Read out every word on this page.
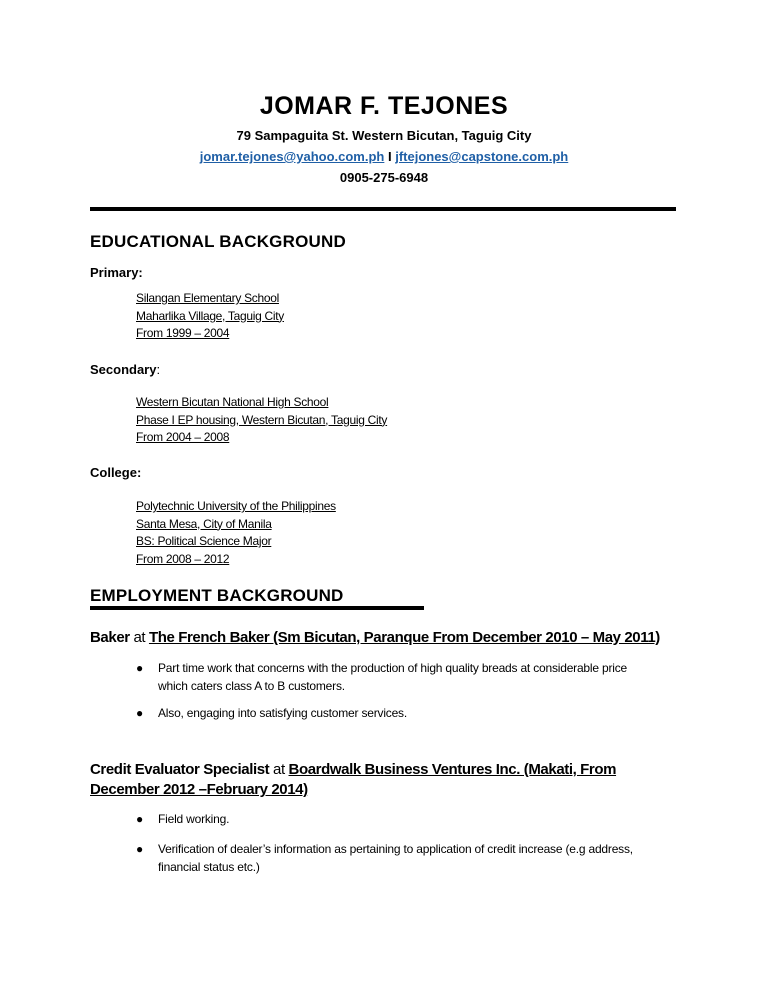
JOMAR F. TEJONES
79 Sampaguita St. Western Bicutan, Taguig City
jomar.tejones@yahoo.com.ph I jftejones@capstone.com.ph
0905-275-6948
EDUCATIONAL BACKGROUND
Primary:
Silangan Elementary School
Maharlika Village, Taguig City
From 1999 – 2004
Secondary:
Western Bicutan National High School
Phase I EP housing, Western Bicutan, Taguig City
From 2004 – 2008
College:
Polytechnic University of the Philippines
Santa Mesa, City of Manila
BS: Political Science Major
From 2008 – 2012
EMPLOYMENT BACKGROUND
Baker at The French Baker (Sm Bicutan, Paranque From December 2010 – May 2011)
● Part time work that concerns with the production of high quality breads at considerable price
which caters class A to B customers.
● Also, engaging into satisfying customer services.
Credit Evaluator Specialist at Boardwalk Business Ventures Inc. (Makati, From
December 2012 –February 2014)
● Field working.
● Verification of dealer’s information as pertaining to application of credit increase (e.g address,
financial status etc.)
